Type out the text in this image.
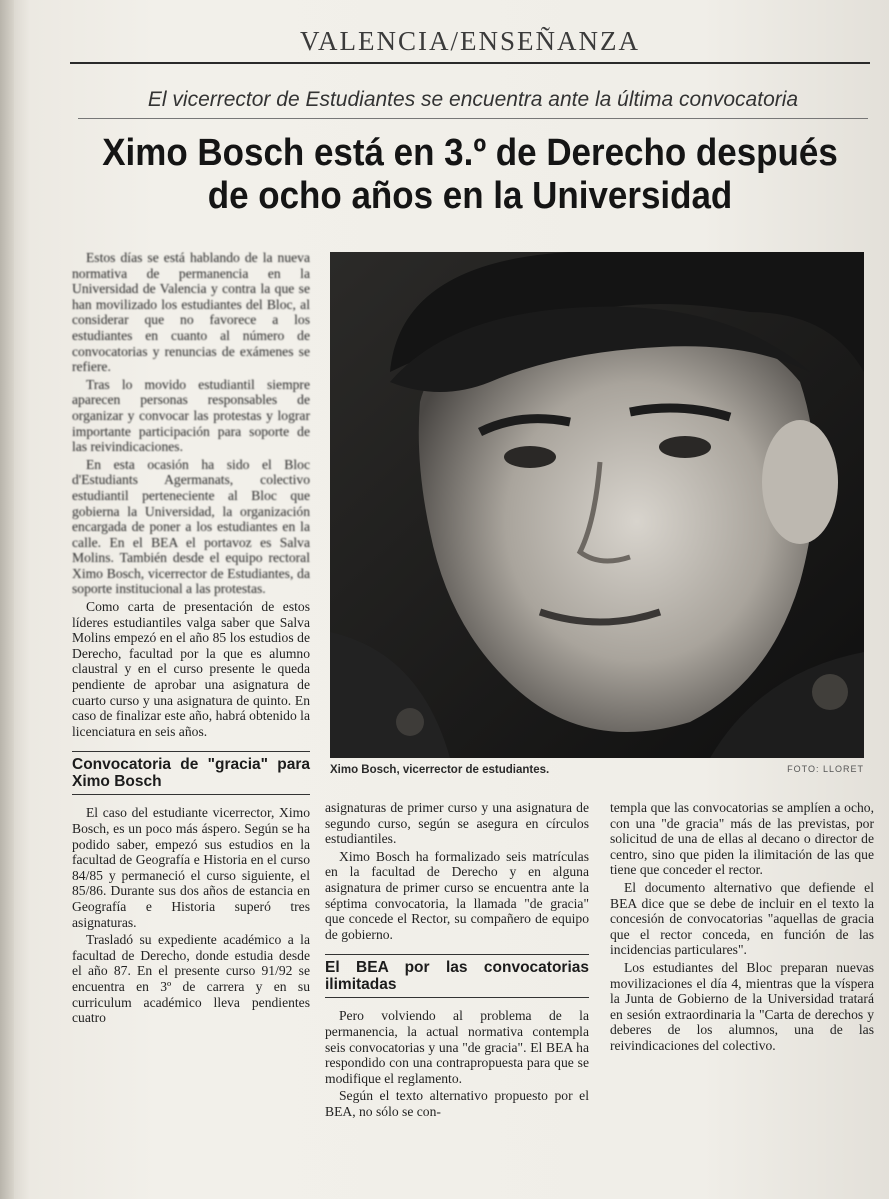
VALENCIA/ENSEÑANZA
El vicerrector de Estudiantes se encuentra ante la última convocatoria
Ximo Bosch está en 3.º de Derecho después de ocho años en la Universidad

Estos días se está hablando de la nueva normativa de permanencia en la Universidad de Valencia y contra la que se han movilizado los estudiantes del Bloc, al considerar que no favorece a los estudiantes en cuanto al número de convocatorias y renuncias de exámenes se refiere.

Tras lo movido estudiantil siempre aparecen personas responsables de organizar y convocar las protestas y lograr importante participación para soporte de las reivindicaciones.

En esta ocasión ha sido el Bloc d'Estudiants Agermanats, colectivo estudiantil perteneciente al Bloc que gobierna la Universidad, la organización encargada de poner a los estudiantes en la calle. En el BEA el portavoz es Salva Molins. También desde el equipo rectoral Ximo Bosch, vicerrector de Estudiantes, da soporte institucional a las protestas.

Como carta de presentación de estos líderes estudiantiles valga saber que Salva Molins empezó en el año 85 los estudios de Derecho, facultad por la que es alumno claustral y en el curso presente le queda pendiente de aprobar una asignatura de cuarto curso y una asignatura de quinto. En caso de finalizar este año, habrá obtenido la licenciatura en seis años.

Convocatoria de "gracia" para Ximo Bosch

El caso del estudiante vicerrector, Ximo Bosch, es un poco más áspero. Según se ha podido saber, empezó sus estudios en la facultad de Geografía e Historia en el curso 84/85 y permaneció el curso siguiente, el 85/86. Durante sus dos años de estancia en Geografía e Historia superó tres asignaturas.

Trasladó su expediente académico a la facultad de Derecho, donde estudia desde el año 87. En el presente curso 91/92 se encuentra en 3º de carrera y en su curriculum académico lleva pendientes cuatro

Ximo Bosch, vicerrector de estudiantes.	FOTO: LLORET

asignaturas de primer curso y una asignatura de segundo curso, según se asegura en círculos estudiantiles.

Ximo Bosch ha formalizado seis matrículas en la facultad de Derecho y en alguna asignatura de primer curso se encuentra ante la séptima convocatoria, la llamada "de gracia" que concede el Rector, su compañero de equipo de gobierno.

El BEA por las convocatorias ilimitadas

Pero volviendo al problema de la permanencia, la actual normativa contempla seis convocatorias y una "de gracia". El BEA ha respondido con una contrapropuesta para que se modifique el reglamento.

Según el texto alternativo propuesto por el BEA, no sólo se con-

templa que las convocatorias se amplíen a ocho, con una "de gracia" más de las previstas, por solicitud de una de ellas al decano o director de centro, sino que piden la ilimitación de las que tiene que conceder el rector.

El documento alternativo que defiende el BEA dice que se debe de incluir en el texto la concesión de convocatorias "aquellas de gracia que el rector conceda, en función de las incidencias particulares".

Los estudiantes del Bloc preparan nuevas movilizaciones el día 4, mientras que la víspera la Junta de Gobierno de la Universidad tratará en sesión extraordinaria la "Carta de derechos y deberes de los alumnos, una de las reivindicaciones del colectivo.
